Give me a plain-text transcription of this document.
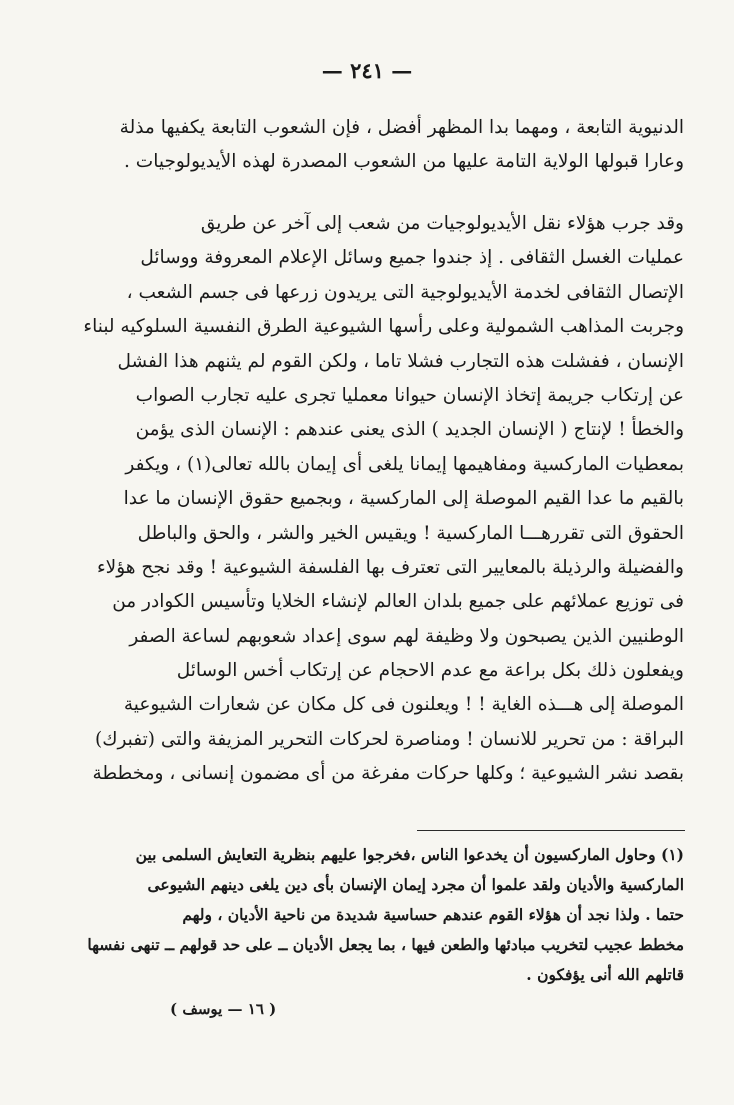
— ٢٤١ —
الدنيوية التابعة ، ومهما بدا المظهر أفضل ، فإن الشعوب التابعة يكفيها مذلة
وعارا قبولها الولاية التامة عليها من الشعوب المصدرة لهذه الأيديولوجيات .
وقد جرب هؤلاء نقل الأيديولوجيات من شعب إلى آخر عن طريق
عمليات الغسل الثقافى . إذ جندوا جميع وسائل الإعلام المعروفة ووسائل
الإتصال الثقافى لخدمة الأيديولوجية التى يريدون زرعها فى جسم الشعب ،
وجربت المذاهب الشمولية وعلى رأسها الشيوعية الطرق النفسية السلوكيه لبناء
الإنسان ، ففشلت هذه التجارب فشلا تاما ، ولكن القوم لم يثنهم هذا الفشل
عن إرتكاب جريمة إتخاذ الإنسان حيوانا معمليا تجرى عليه تجارب الصواب
والخطأ ! لإنتاج ( الإنسان الجديد ) الذى يعنى عندهم : الإنسان الذى يؤمن
بمعطيات الماركسية ومفاهيمها إيمانا يلغى أى إيمان بالله تعالى(١) ، ويكفر
بالقيم ما عدا القيم الموصلة إلى الماركسية ، وبجميع حقوق الإنسان ما عدا
الحقوق التى تقررهـــا الماركسية ! ويقيس الخير والشر ، والحق والباطل
والفضيلة والرذيلة بالمعايير التى تعترف بها الفلسفة الشيوعية ! وقد نجح هؤلاء
فى توزيع عملائهم على جميع بلدان العالم لإنشاء الخلايا وتأسيس الكوادر من
الوطنيين الذين يصبحون ولا وظيفة لهم سوى إعداد شعوبهم لساعة الصفر
ويفعلون ذلك بكل براعة مع عدم الاحجام عن إرتكاب أخس الوسائل
الموصلة إلى هـــذه الغاية ! ! ويعلنون فى كل مكان عن شعارات الشيوعية
البراقة : من تحرير للانسان ! ومناصرة لحركات التحرير المزيفة والتى (تفبرك)
بقصد نشر الشيوعية ؛ وكلها حركات مفرغة من أى مضمون إنسانى ، ومخططة
(١) وحاول الماركسيون أن يخدعوا الناس ،فخرجوا عليهم بنظرية التعايش السلمى بين
الماركسية والأديان ولقد علموا أن مجرد إيمان الإنسان بأى دين يلغى دينهم الشيوعى
حتما . ولذا نجد أن هؤلاء القوم عندهم حساسية شديدة من ناحية الأديان ، ولهم
مخطط عجيب لتخريب مبادئها والطعن فيها ، بما يجعل الأديان ــ على حد قولهم ــ تنهى نفسها
قاتلهم الله أنى يؤفكون .
( ١٦ — يوسف )
